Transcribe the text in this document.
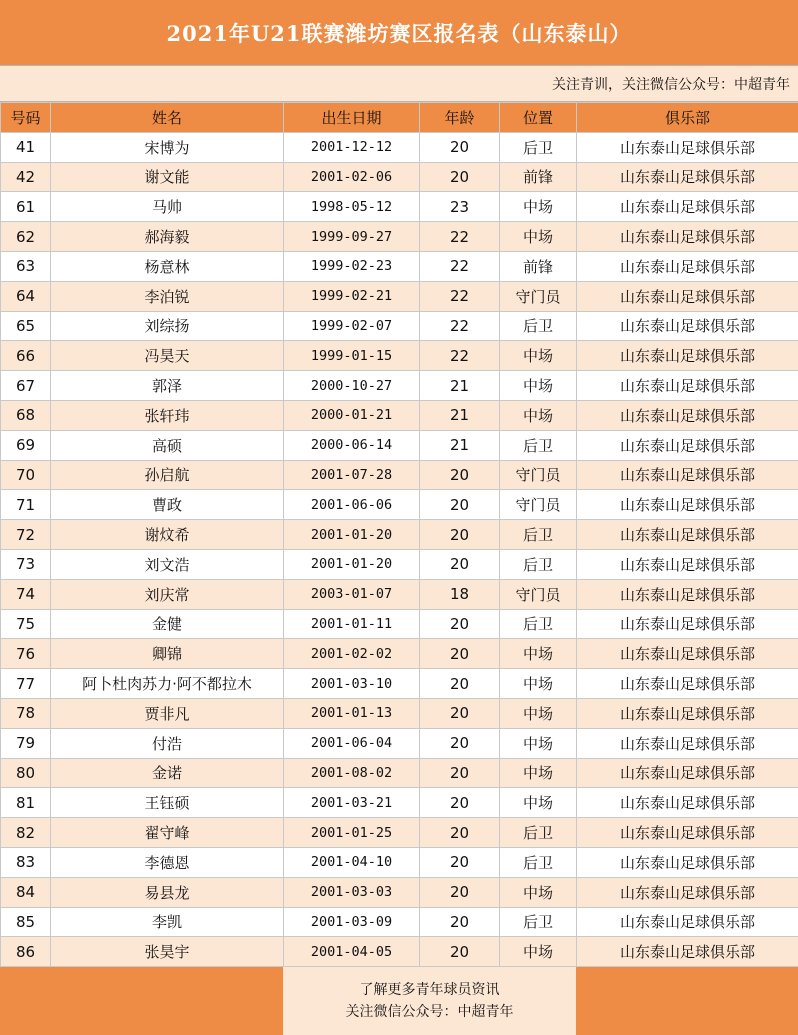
2021年U21联赛潍坊赛区报名表（山东泰山）
关注青训，关注微信公众号：中超青年
号码	姓名	出生日期	年龄	位置	俱乐部
41	宋博为	2001-12-12	20	后卫	山东泰山足球俱乐部
42	谢文能	2001-02-06	20	前锋	山东泰山足球俱乐部
61	马帅	1998-05-12	23	中场	山东泰山足球俱乐部
62	郝海毅	1999-09-27	22	中场	山东泰山足球俱乐部
63	杨意林	1999-02-23	22	前锋	山东泰山足球俱乐部
64	李泊锐	1999-02-21	22	守门员	山东泰山足球俱乐部
65	刘综扬	1999-02-07	22	后卫	山东泰山足球俱乐部
66	冯昊天	1999-01-15	22	中场	山东泰山足球俱乐部
67	郭泽	2000-10-27	21	中场	山东泰山足球俱乐部
68	张轩玮	2000-01-21	21	中场	山东泰山足球俱乐部
69	高硕	2000-06-14	21	后卫	山东泰山足球俱乐部
70	孙启航	2001-07-28	20	守门员	山东泰山足球俱乐部
71	曹政	2001-06-06	20	守门员	山东泰山足球俱乐部
72	谢炆希	2001-01-20	20	后卫	山东泰山足球俱乐部
73	刘文浩	2001-01-20	20	后卫	山东泰山足球俱乐部
74	刘庆常	2003-01-07	18	守门员	山东泰山足球俱乐部
75	金健	2001-01-11	20	后卫	山东泰山足球俱乐部
76	卿锦	2001-02-02	20	中场	山东泰山足球俱乐部
77	阿卜杜肉苏力·阿不都拉木	2001-03-10	20	中场	山东泰山足球俱乐部
78	贾非凡	2001-01-13	20	中场	山东泰山足球俱乐部
79	付浩	2001-06-04	20	中场	山东泰山足球俱乐部
80	金诺	2001-08-02	20	中场	山东泰山足球俱乐部
81	王钰硕	2001-03-21	20	中场	山东泰山足球俱乐部
82	翟守峰	2001-01-25	20	后卫	山东泰山足球俱乐部
83	李德恩	2001-04-10	20	后卫	山东泰山足球俱乐部
84	易县龙	2001-03-03	20	中场	山东泰山足球俱乐部
85	李凯	2001-03-09	20	后卫	山东泰山足球俱乐部
86	张昊宇	2001-04-05	20	中场	山东泰山足球俱乐部
了解更多青年球员资讯
关注微信公众号：中超青年
